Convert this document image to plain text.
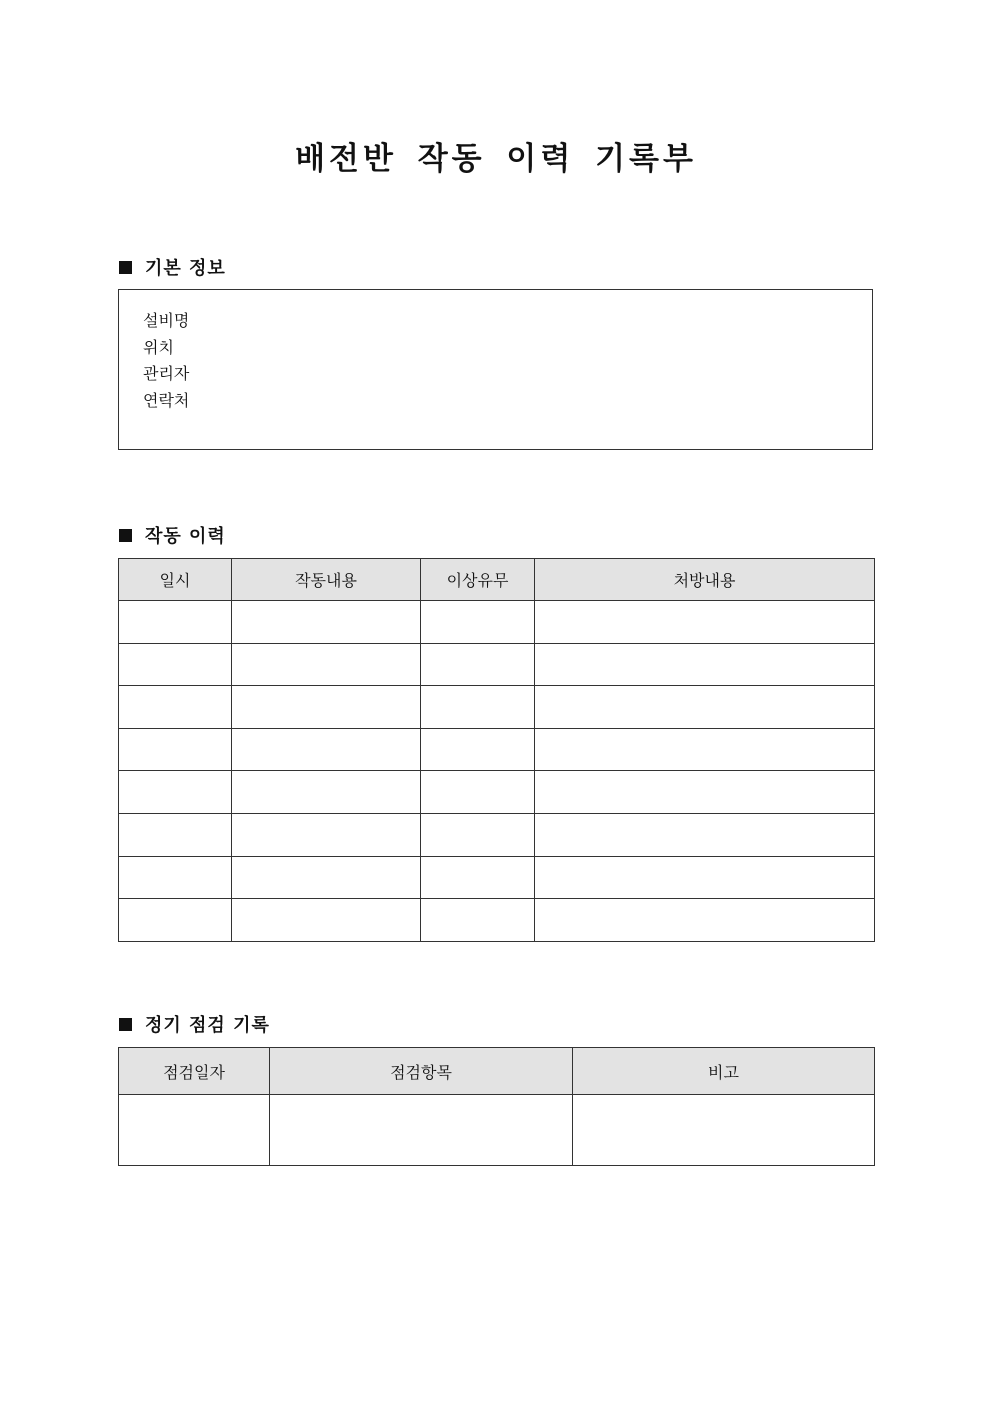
배전반 작동 이력 기록부
기본 정보
설비명
위치
관리자
연락처
작동 이력
일시	작동내용	이상유무	처방내용

정기 점검 기록
점검일자	점검항목	비고
